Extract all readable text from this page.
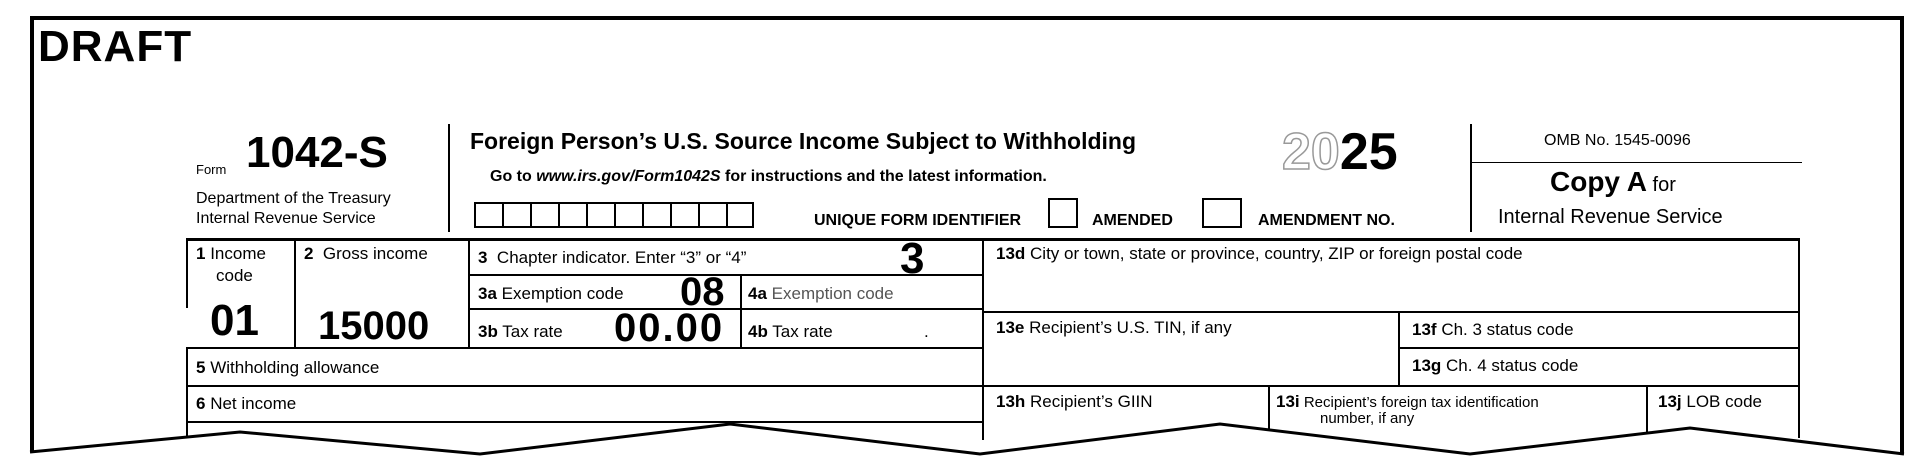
DRAFT
Form 1042-S
Department of the Treasury
Internal Revenue Service
Foreign Person’s U.S. Source Income Subject to Withholding
Go to www.irs.gov/Form1042S for instructions and the latest information.	2025
UNIQUE FORM IDENTIFIER	AMENDED	AMENDMENT NO.
OMB No. 1545-0096
Copy A for
Internal Revenue Service
1 Income
code
01
2 Gross income
15000
3 Chapter indicator. Enter “3” or “4”	3
3a Exemption code 08 4a Exemption code
3b Tax rate 00.00 4b Tax rate	.
5 Withholding allowance
6 Net income
13d City or town, state or province, country, ZIP or foreign postal code
13e Recipient’s U.S. TIN, if any	13f Ch. 3 status code
13g Ch. 4 status code
13h Recipient’s GIIN	13i Recipient’s foreign tax identification
number, if any
13j LOB code
